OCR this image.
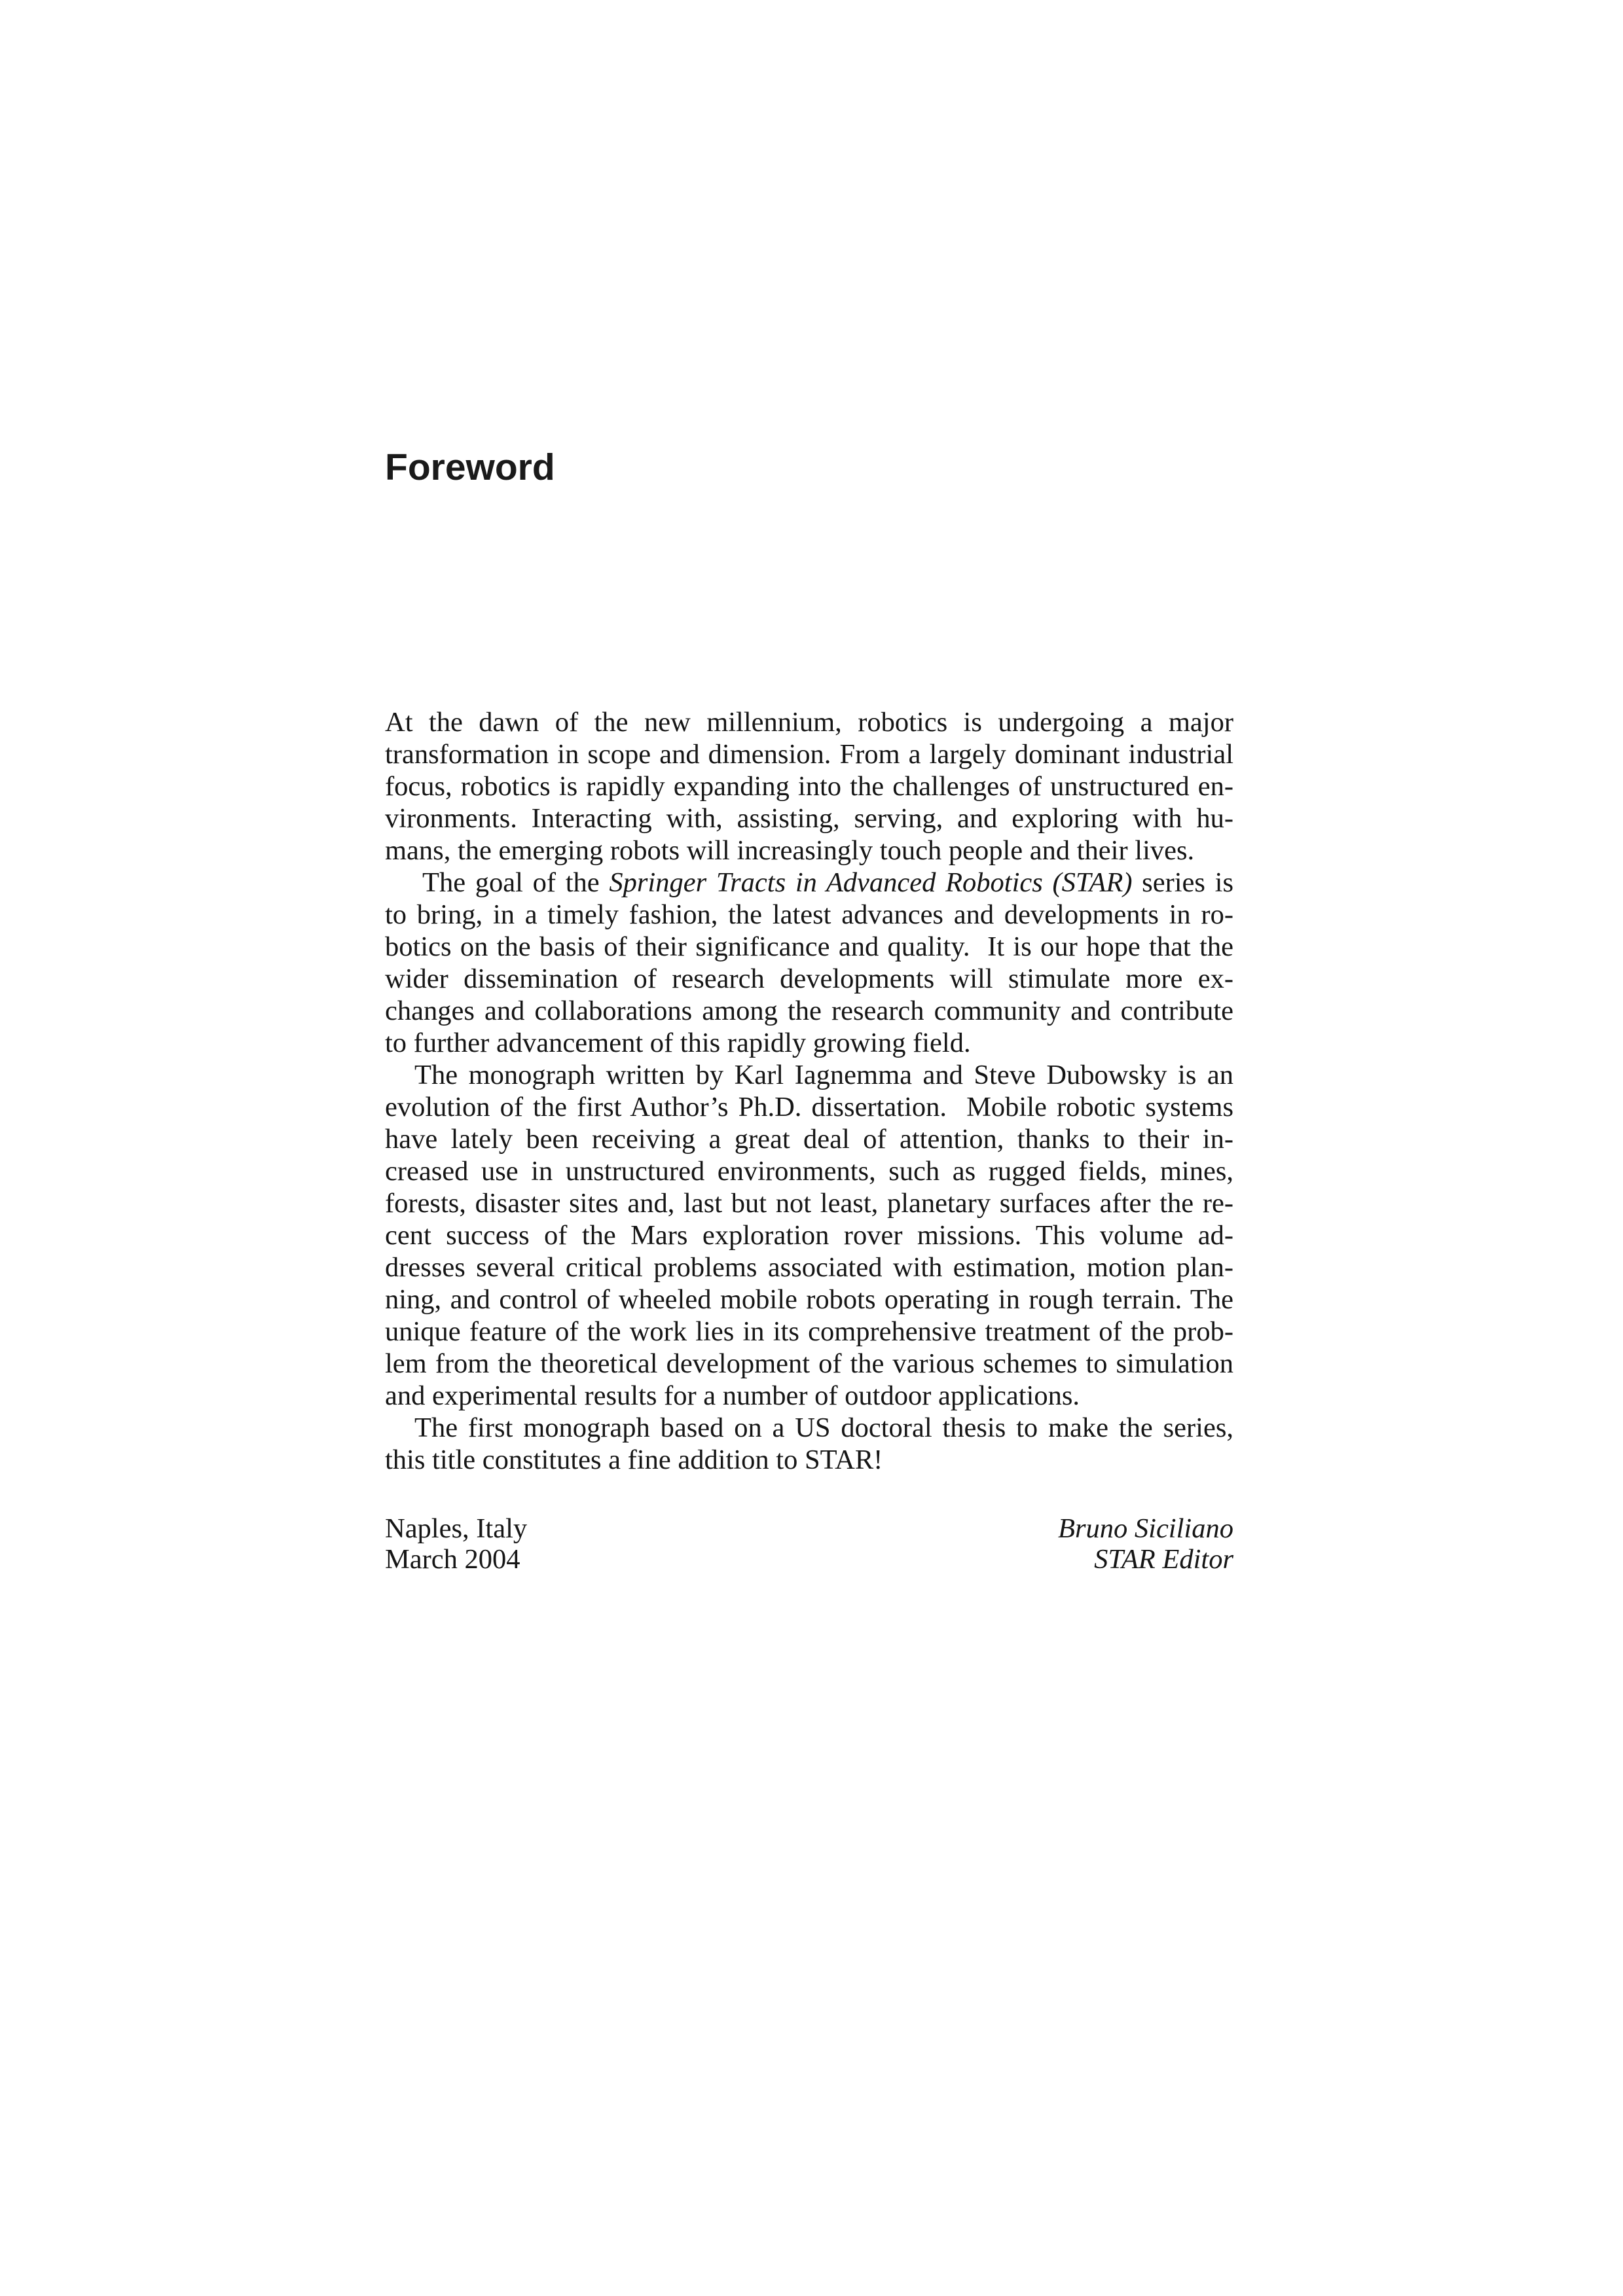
Foreword
At the dawn of the new millennium, robotics is undergoing a major
transformation in scope and dimension. From a largely dominant industrial
focus, robotics is rapidly expanding into the challenges of unstructured en-
vironments. Interacting with, assisting, serving, and exploring with hu-
mans, the emerging robots will increasingly touch people and their lives.
The goal of the Springer Tracts in Advanced Robotics (STAR) series is
to bring, in a timely fashion, the latest advances and developments in ro-
botics on the basis of their significance and quality.  It is our hope that the
wider dissemination of research developments will stimulate more ex-
changes and collaborations among the research community and contribute
to further advancement of this rapidly growing field.
The monograph written by Karl Iagnemma and Steve Dubowsky is an
evolution of the first Author’s Ph.D. dissertation.  Mobile robotic systems
have lately been receiving a great deal of attention, thanks to their in-
creased use in unstructured environments, such as rugged fields, mines,
forests, disaster sites and, last but not least, planetary surfaces after the re-
cent success of the Mars exploration rover missions. This volume ad-
dresses several critical problems associated with estimation, motion plan-
ning, and control of wheeled mobile robots operating in rough terrain. The
unique feature of the work lies in its comprehensive treatment of the prob-
lem from the theoretical development of the various schemes to simulation
and experimental results for a number of outdoor applications.
The first monograph based on a US doctoral thesis to make the series,
this title constitutes a fine addition to STAR!
Naples, Italy	Bruno Siciliano
March 2004	STAR Editor
